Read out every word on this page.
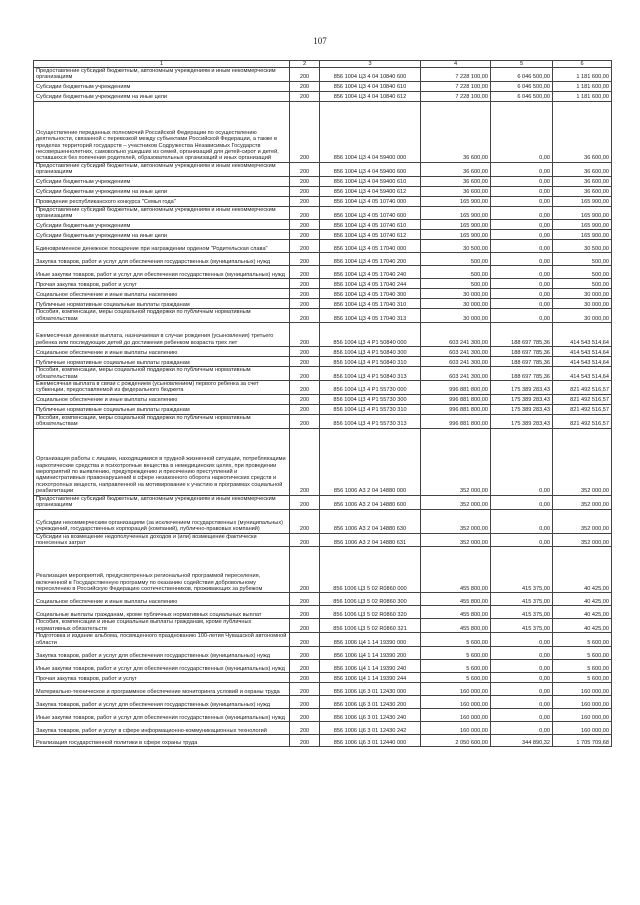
107
1	2	3	4	5	6
Предоставление субсидий бюджетным, автономным учреждениям и иным некоммерческим организациям	200	856 1004 Ц3 4 04 10840 600	7 228 100,00	6 046 500,00	1 181 600,00
Субсидии бюджетным учреждениям	200	856 1004 Ц3 4 04 10840 610	7 228 100,00	6 046 500,00	1 181 600,00
Субсидии бюджетным учреждениям на иные цели	200	856 1004 Ц3 4 04 10840 612	7 228 100,00	6 046 500,00	1 181 600,00
Осуществление переданных полномочий Российской Федерации по осуществлению деятельности, связанной с перевозкой между субъектами Российской Федерации, а также в пределах территорий государств – участников Содружества Независимых Государств несовершеннолетних, самовольно ушедших из семей, организаций для детей-сирот и детей, оставшихся без попечения родителей, образовательных организаций и иных организаций	200	856 1004 Ц3 4 04 59400 000	36 600,00	0,00	36 600,00
Предоставление субсидий бюджетным, автономным учреждениям и иным некоммерческим организациям	200	856 1004 Ц3 4 04 59400 600	36 600,00	0,00	36 600,00
Субсидии бюджетным учреждениям	200	856 1004 Ц3 4 04 59400 610	36 600,00	0,00	36 600,00
Субсидии бюджетным учреждениям на иные цели	200	856 1004 Ц3 4 04 59400 612	36 600,00	0,00	36 600,00
Проведение республиканского конкурса "Семья года"	200	856 1004 Ц3 4 05 10740 000	165 900,00	0,00	165 900,00
Предоставление субсидий бюджетным, автономным учреждениям и иным некоммерческим организациям	200	856 1004 Ц3 4 05 10740 600	165 900,00	0,00	165 900,00
Субсидии бюджетным учреждениям	200	856 1004 Ц3 4 05 10740 610	165 900,00	0,00	165 900,00
Субсидии бюджетным учреждениям на иные цели	200	856 1004 Ц3 4 05 10740 612	165 900,00	0,00	165 900,00
Единовременное денежное поощрение при награждении орденом "Родительская слава"	200	856 1004 Ц3 4 05 17040 000	30 500,00	0,00	30 500,00
Закупка товаров, работ и услуг для обеспечения государственных (муниципальных) нужд	200	856 1004 Ц3 4 05 17040 200	500,00	0,00	500,00
Иные закупки товаров, работ и услуг для обеспечения государственных (муниципальных) нужд	200	856 1004 Ц3 4 05 17040 240	500,00	0,00	500,00
Прочая закупка товаров, работ и услуг	200	856 1004 Ц3 4 05 17040 244	500,00	0,00	500,00
Социальное обеспечение и иные выплаты населению	200	856 1004 Ц3 4 05 17040 300	30 000,00	0,00	30 000,00
Публичные нормативные социальные выплаты гражданам	200	856 1004 Ц3 4 05 17040 310	30 000,00	0,00	30 000,00
Пособия, компенсации, меры социальной поддержки по публичным нормативным обязательствам	200	856 1004 Ц3 4 05 17040 313	30 000,00	0,00	30 000,00
Ежемесячная денежная выплата, назначаемая в случае рождения (усыновления) третьего ребенка или последующих детей до достижения ребенком возраста трех лет	200	856 1004 Ц3 4 Р1 50840 000	603 241 300,00	188 697 785,36	414 543 514,64
Социальное обеспечение и иные выплаты населению	200	856 1004 Ц3 4 Р1 50840 300	603 241 300,00	188 697 785,36	414 543 514,64
Публичные нормативные социальные выплаты гражданам	200	856 1004 Ц3 4 Р1 50840 310	603 241 300,00	188 697 785,36	414 543 514,64
Пособия, компенсации, меры социальной поддержки по публичным нормативным обязательствам	200	856 1004 Ц3 4 Р1 50840 313	603 241 300,00	188 697 785,36	414 543 514,64
Ежемесячная выплата в связи с рождением (усыновлением) первого ребенка за счет субвенции, предоставляемой из федерального бюджета	200	856 1004 Ц3 4 Р1 55730 000	996 881 800,00	175 389 283,43	821 492 516,57
Социальное обеспечение и иные выплаты населению	200	856 1004 Ц3 4 Р1 55730 300	996 881 800,00	175 389 283,43	821 492 516,57
Публичные нормативные социальные выплаты гражданам	200	856 1004 Ц3 4 Р1 55730 310	996 881 800,00	175 389 283,43	821 492 516,57
Пособия, компенсации, меры социальной поддержки по публичным нормативным обязательствам	200	856 1004 Ц3 4 Р1 55730 313	996 881 800,00	175 389 283,43	821 492 516,57
Организация работы с лицами, находящимися в трудной жизненной ситуации, потребляющими наркотические средства и психотропные вещества в немедицинских целях, при проведении мероприятий по выявлению, предупреждению и пресечению преступлений и административных правонарушений в сфере незаконного оборота наркотических средств и психотропных веществ, направленной на мотивирование к участию в программах социальной реабилитации	200	856 1006 А3 2 04 14880 000	352 000,00	0,00	352 000,00
Предоставление субсидий бюджетным, автономным учреждениям и иным некоммерческим организациям	200	856 1006 А3 2 04 14880 600	352 000,00	0,00	352 000,00
Субсидии некоммерческим организациям (за исключением государственных (муниципальных) учреждений, государственных корпораций (компаний), публично-правовых компаний)	200	856 1006 А3 2 04 14880 630	352 000,00	0,00	352 000,00
Субсидии на возмещение недополученных доходов и (или) возмещение фактически понесенных затрат	200	856 1006 А3 2 04 14880 631	352 000,00	0,00	352 000,00
Реализация мероприятий, предусмотренных региональной программой переселения, включенной в Государственную программу по оказанию содействия добровольному переселению в Российскую Федерацию соотечественников, проживающих за рубежом	200	856 1006 Ц3 5 02 R0860 000	455 800,00	415 375,00	40 425,00
Социальное обеспечение и иные выплаты населению	200	856 1006 Ц3 5 02 R0860 300	455 800,00	415 375,00	40 425,00
Социальные выплаты гражданам, кроме публичных нормативных социальных выплат	200	856 1006 Ц3 5 02 R0860 320	455 800,00	415 375,00	40 425,00
Пособия, компенсации и иные социальные выплаты гражданам, кроме публичных нормативных обязательств	200	856 1006 Ц3 5 02 R0860 321	455 800,00	415 375,00	40 425,00
Подготовка и издание альбома, посвященного празднованию 100-летия Чувашской автономной области	200	856 1006 Ц4 1 14 19390 000	5 600,00	0,00	5 600,00
Закупка товаров, работ и услуг для обеспечения государственных (муниципальных) нужд	200	856 1006 Ц4 1 14 19390 200	5 600,00	0,00	5 600,00
Иные закупки товаров, работ и услуг для обеспечения государственных (муниципальных) нужд	200	856 1006 Ц4 1 14 19390 240	5 600,00	0,00	5 600,00
Прочая закупка товаров, работ и услуг	200	856 1006 Ц4 1 14 19390 244	5 600,00	0,00	5 600,00
Материально-техническое и программное обеспечение мониторинга условий и охраны труда	200	856 1006 Ц6 3 01 12430 000	160 000,00	0,00	160 000,00
Закупка товаров, работ и услуг для обеспечения государственных (муниципальных) нужд	200	856 1006 Ц6 3 01 12430 200	160 000,00	0,00	160 000,00
Иные закупки товаров, работ и услуг для обеспечения государственных (муниципальных) нужд	200	856 1006 Ц6 3 01 12430 240	160 000,00	0,00	160 000,00
Закупка товаров, работ и услуг в сфере информационно-коммуникационных технологий	200	856 1006 Ц6 3 01 12430 242	160 000,00	0,00	160 000,00
Реализация государственной политики в сфере охраны труда	200	856 1006 Ц6 3 01 12440 000	2 050 600,00	344 890,32	1 705 709,68
